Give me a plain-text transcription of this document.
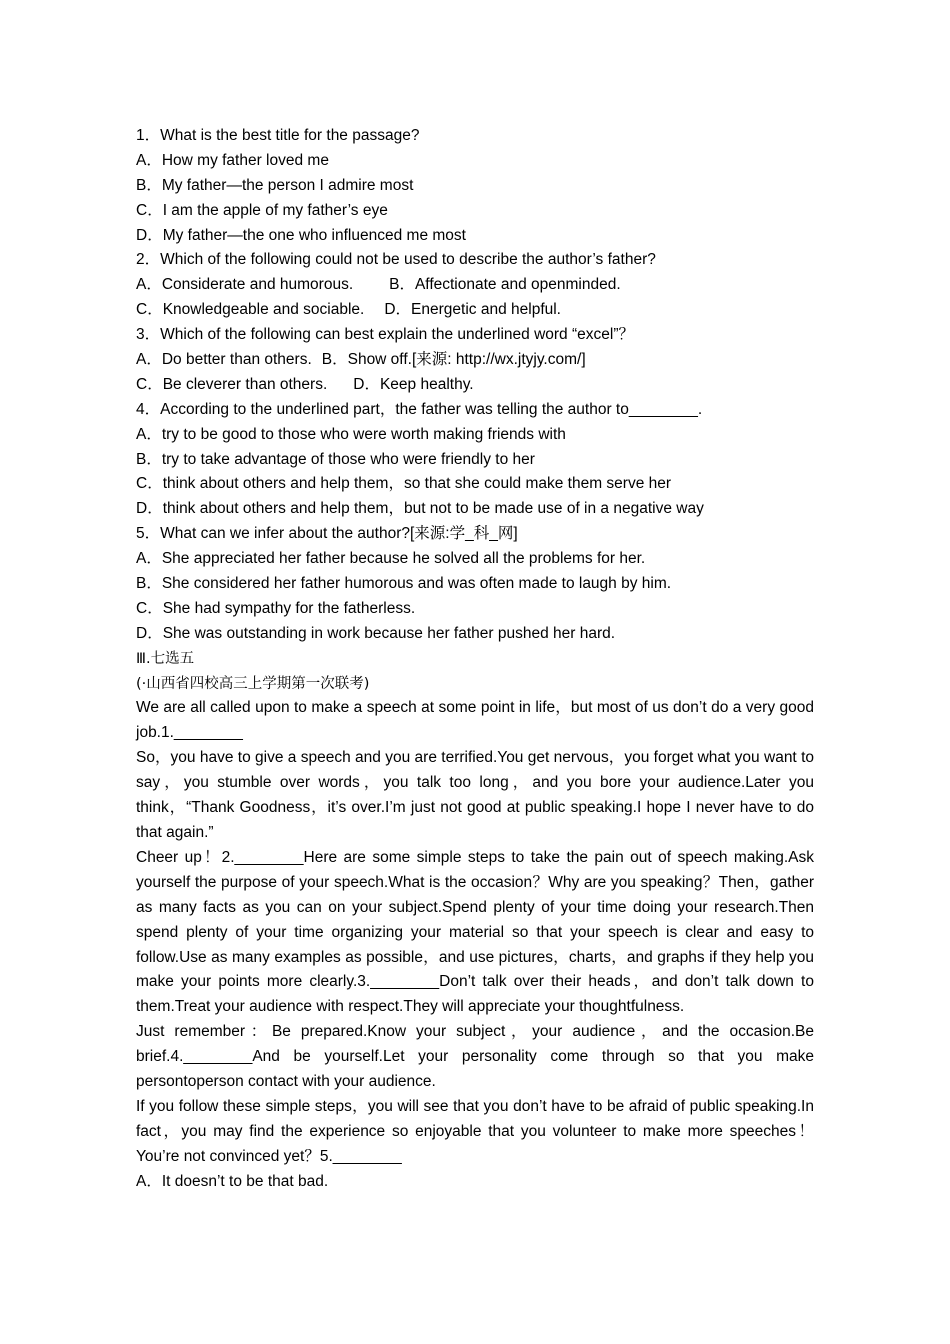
1．What is the best title for the passage?
A．How my father loved me
B．My father—the person I admire most
C．I am the apple of my father’s eye
D．My father—the one who influenced me most
2．Which of the following could not be used to describe the author’s father?
A．Considerate and humorous. B．Affectionate and openminded.
C．Knowledgeable and sociable. D．Energetic and helpful.
3．Which of the following can best explain the underlined word “excel”？
A．Do better than others. B．Show off.[来源: http://wx.jtyjy.com/]
C．Be cleverer than others. D．Keep healthy.
4．According to the underlined part，the father was telling the author to________.
A．try to be good to those who were worth making friends with
B．try to take advantage of those who were friendly to her
C．think about others and help them，so that she could make them serve her
D．think about others and help them，but not to be made use of in a negative way
5．What can we infer about the author?[来源:学_科_网]
A．She appreciated her father because he solved all the problems for her.
B．She considered her father humorous and was often made to laugh by him.
C．She had sympathy for the fatherless.
D．She was outstanding in work because her father pushed her hard.
Ⅲ.七选五
(·山西省四校高三上学期第一次联考)
We are all called upon to make a speech at some point in life，but most of us don’t do a very good job.1.________
So，you have to give a speech and you are terrified.You get nervous，you forget what you want to say，you stumble over words，you talk too long，and you bore your audience.Later you think，“Thank Goodness，it’s over.I’m just not good at public speaking.I hope I never have to do that again.”
Cheer up！2.________Here are some simple steps to take the pain out of speech making.Ask yourself the purpose of your speech.What is the occasion？Why are you speaking？Then，gather as many facts as you can on your subject.Spend plenty of your time doing your research.Then spend plenty of your time organizing your material so that your speech is clear and easy to follow.Use as many examples as possible，and use pictures，charts，and graphs if they help you make your points more clearly.3.________Don’t talk over their heads，and don’t talk down to them.Treat your audience with respect.They will appreciate your thoughtfulness.
Just remember：Be prepared.Know your subject，your audience，and the occasion.Be brief.4.________And be yourself.Let your personality come through so that you make persontoperson contact with your audience.
If you follow these simple steps，you will see that you don’t have to be afraid of public speaking.In fact，you may find the experience so enjoyable that you volunteer to make more speeches！You’re not convinced yet？5.________
A．It doesn’t to be that bad.
